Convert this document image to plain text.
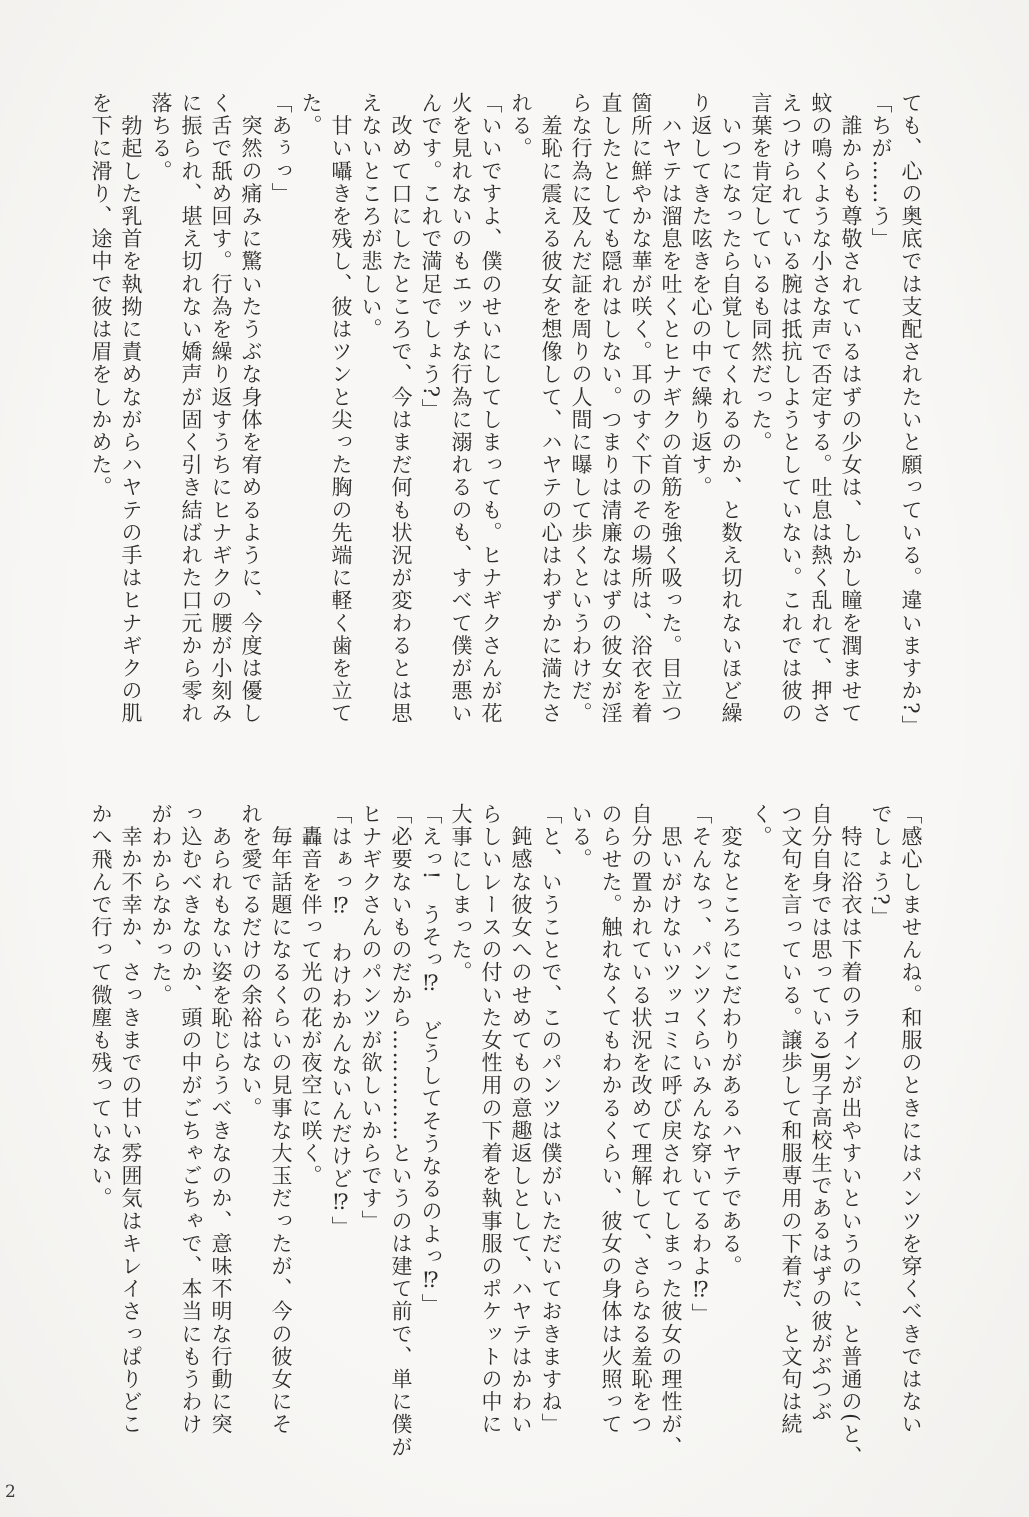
ても、心の奥底では支配されたいと願っている。違いますか?」
「ちが……う」
　誰からも尊敬されているはずの少女は、しかし瞳を潤ませて
蚊の鳴くような小さな声で否定する。吐息は熱く乱れて、押さ
えつけられている腕は抵抗しようとしていない。これでは彼の
言葉を肯定しているも同然だった。
　いつになったら自覚してくれるのか、と数え切れないほど繰
り返してきた呟きを心の中で繰り返す。
　ハヤテは溜息を吐くとヒナギクの首筋を強く吸った。目立つ
箇所に鮮やかな華が咲く。耳のすぐ下のその場所は、浴衣を着
直したとしても隠れはしない。つまりは清廉なはずの彼女が淫
らな行為に及んだ証を周りの人間に曝して歩くというわけだ。
　羞恥に震える彼女を想像して、ハヤテの心はわずかに満たさ
れる。
「いいですよ、僕のせいにしてしまっても。ヒナギクさんが花
火を見れないのもエッチな行為に溺れるのも、すべて僕が悪い
んです。これで満足でしょう?」
　改めて口にしたところで、今はまだ何も状況が変わるとは思
えないところが悲しい。
　甘い囁きを残し、彼はツンと尖った胸の先端に軽く歯を立て
た。
「あぅっ」
　突然の痛みに驚いたうぶな身体を宥めるように、今度は優し
く舌で舐め回す。行為を繰り返すうちにヒナギクの腰が小刻み
に振られ、堪え切れない嬌声が固く引き結ばれた口元から零れ
落ちる。
　勃起した乳首を執拗に責めながらハヤテの手はヒナギクの肌
を下に滑り、途中で彼は眉をしかめた。
「感心しませんね。和服のときにはパンツを穿くべきではない
でしょう?」
　特に浴衣は下着のラインが出やすいというのに、と普通の(と、
自分自身では思っている)男子高校生であるはずの彼がぶつぶ
つ文句を言っている。譲歩して和服専用の下着だ、と文句は続
く。
　変なところにこだわりがあるハヤテである。
「そんなっ、パンツくらいみんな穿いてるわよ⁉」
　思いがけないツッコミに呼び戻されてしまった彼女の理性が、
自分の置かれている状況を改めて理解して、さらなる羞恥をつ
のらせた。触れなくてもわかるくらい、彼女の身体は火照って
いる。
「と、いうことで、このパンツは僕がいただいておきますね」
　鈍感な彼女へのせめてもの意趣返しとして、ハヤテはかわい
らしいレースの付いた女性用の下着を執事服のポケットの中に
大事にしまった。
「えっ!　うそっ⁉　どうしてそうなるのよっ⁉」
「必要ないものだから……………というのは建て前で、単に僕が
ヒナギクさんのパンツが欲しいからです」
「はぁっ⁉　わけわかんないんだけど⁉」
　轟音を伴って光の花が夜空に咲く。
　毎年話題になるくらいの見事な大玉だったが、今の彼女にそ
れを愛でるだけの余裕はない。
　あられもない姿を恥じらうべきなのか、意味不明な行動に突
っ込むべきなのか、頭の中がごちゃごちゃで、本当にもうわけ
がわからなかった。
　幸か不幸か、さっきまでの甘い雰囲気はキレイさっぱりどこ
かへ飛んで行って微塵も残っていない。
2
